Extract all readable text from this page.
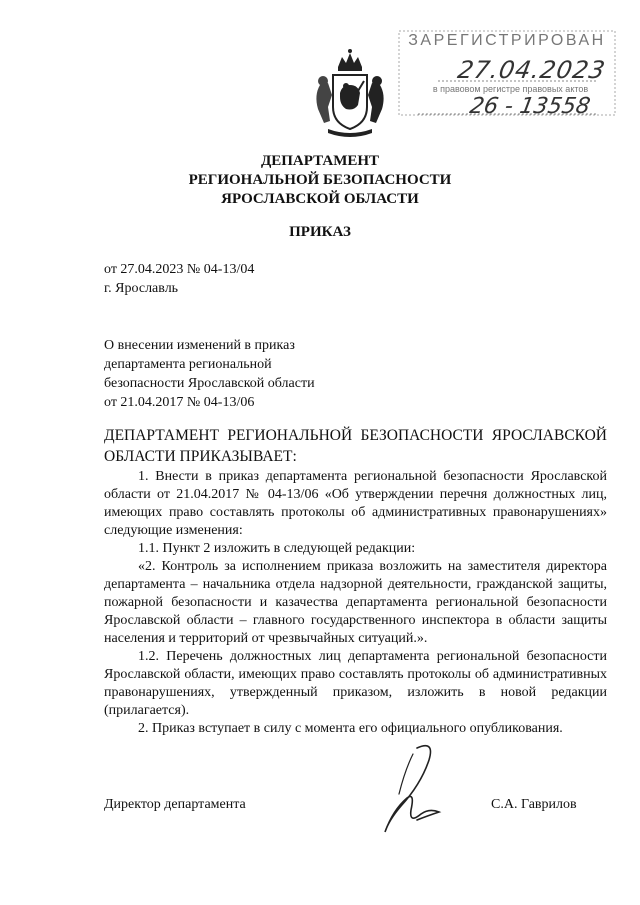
ЗАРЕГИСТРИРОВАН
27.04.2023
в правовом регистре правовых актов
26 - 13558
ДЕПАРТАМЕНТ
РЕГИОНАЛЬНОЙ БЕЗОПАСНОСТИ
ЯРОСЛАВСКОЙ ОБЛАСТИ
ПРИКАЗ
от 27.04.2023 № 04-13/04
г. Ярославль
О внесении изменений в приказ
департамента региональной
безопасности Ярославской области
от 21.04.2017 № 04-13/06

ДЕПАРТАМЕНТ РЕГИОНАЛЬНОЙ БЕЗОПАСНОСТИ ЯРОСЛАВСКОЙ ОБЛАСТИ ПРИКАЗЫВАЕТ:

1. Внести в приказ департамента региональной безопасности Ярославской области от 21.04.2017 № 04-13/06 «Об утверждении перечня должностных лиц, имеющих право составлять протоколы об административных правонарушениях» следующие изменения:

1.1. Пункт 2 изложить в следующей редакции:

«2. Контроль за исполнением приказа возложить на заместителя директора департамента – начальника отдела надзорной деятельности, гражданской защиты, пожарной безопасности и казачества департамента региональной безопасности Ярославской области – главного государственного инспектора в области защиты населения и территорий от чрезвычайных ситуаций.».

1.2. Перечень должностных лиц департамента региональной безопасности Ярославской области, имеющих право составлять протоколы об административных правонарушениях, утвержденный приказом, изложить в новой редакции (прилагается).

2. Приказ вступает в силу с момента его официального опубликования.

Директор департамента	С.А. Гаврилов
